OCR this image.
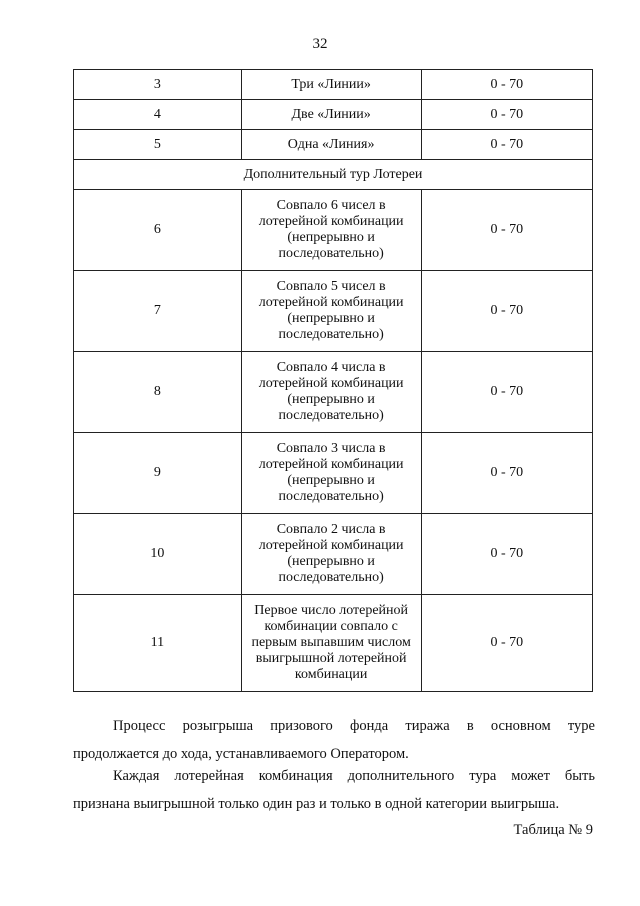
32
3	Три «Линии»	0 - 70
4	Две «Линии»	0 - 70
5	Одна «Линия»	0 - 70
Дополнительный тур Лотереи		
6	Совпало 6 чисел в
лотерейной комбинации
(непрерывно и
последовательно)	0 - 70
7	Совпало 5 чисел в
лотерейной комбинации
(непрерывно и
последовательно)	0 - 70
8	Совпало 4 числа в
лотерейной комбинации
(непрерывно и
последовательно)	0 - 70
9	Совпало 3 числа в
лотерейной комбинации
(непрерывно и
последовательно)	0 - 70
10	Совпало 2 числа в
лотерейной комбинации
(непрерывно и
последовательно)	0 - 70
11	Первое число лотерейной
комбинации совпало с
первым выпавшим числом
выигрышной лотерейной
комбинации	0 - 70
Процесс розыгрыша призового фонда тиража в основном туре
продолжается до хода, устанавливаемого Оператором.
Каждая лотерейная комбинация дополнительного тура может быть
признана выигрышной только один раз и только в одной категории выигрыша.
Таблица № 9
